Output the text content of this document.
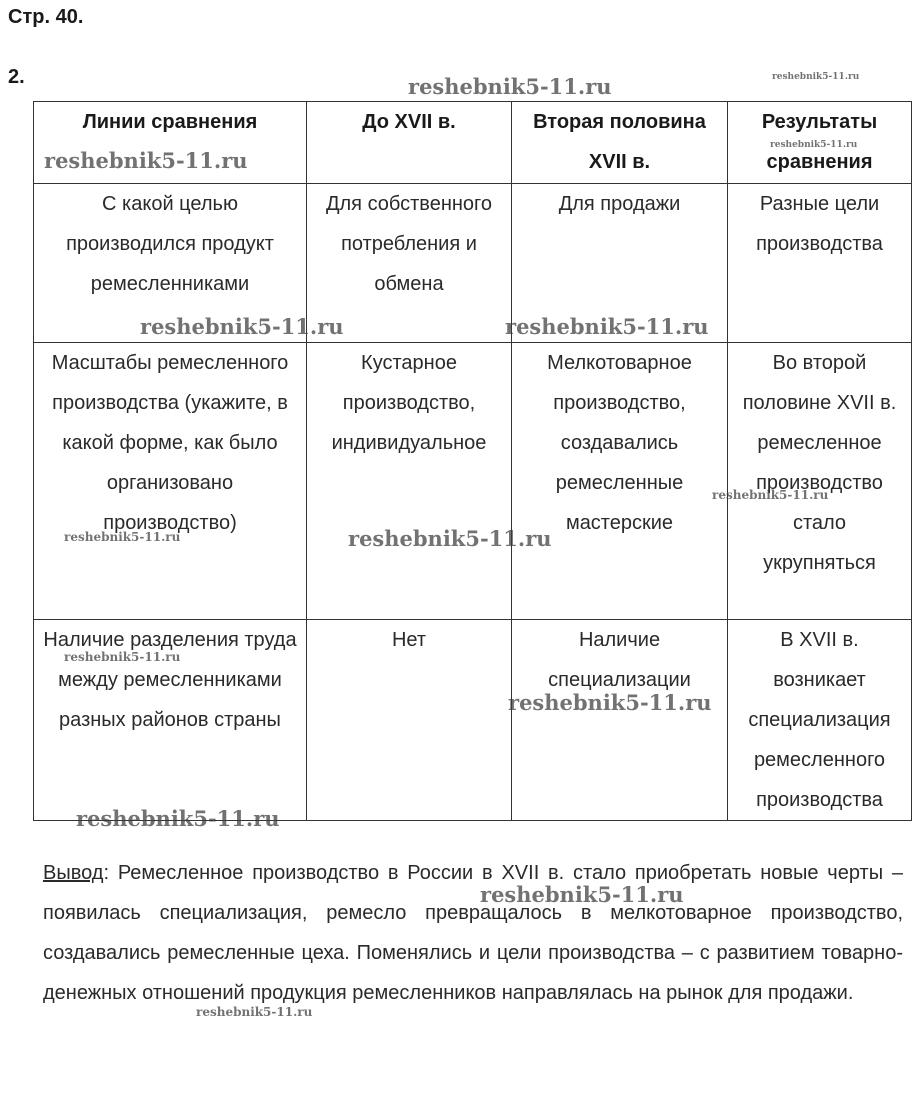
Стр. 40.
2.
Линии сравнения	До XVII в.	Вторая половина XVII в.	Результаты сравнения
С какой целью производился продукт ремесленниками	Для собственного потребления и обмена	Для продажи	Разные цели производства
Масштабы ремесленного производства (укажите, в какой форме, как было организовано производство)	Кустарное производство, индивидуальное	Мелкотоварное производство, создавались ремесленные мастерские	Во второй половине XVII в. ремесленное производство стало укрупняться
Наличие разделения труда между ремесленниками разных районов страны	Нет	Наличие специализации	В XVII в. возникает специализация ремесленного производства
Вывод: Ремесленное производство в России в XVII в. стало приобретать новые черты – появилась специализация, ремесло превращалось в мелкотоварное производство, создавались ремесленные цеха. Поменялись и цели производства – с развитием товарно-денежных отношений продукция ремесленников направлялась на рынок для продажи.
reshebnik5-11.ru	reshebnik5-11.ru
reshebnik5-11.ru
reshebnik5-11.ru
reshebnik5-11.ru	reshebnik5-11.ru
reshebnik5-11.ru
reshebnik5-11.ru
reshebnik5-11.ru
reshebnik5-11.ru
reshebnik5-11.ru
reshebnik5-11.ru
reshebnik5-11.ru
reshebnik5-11.ru
